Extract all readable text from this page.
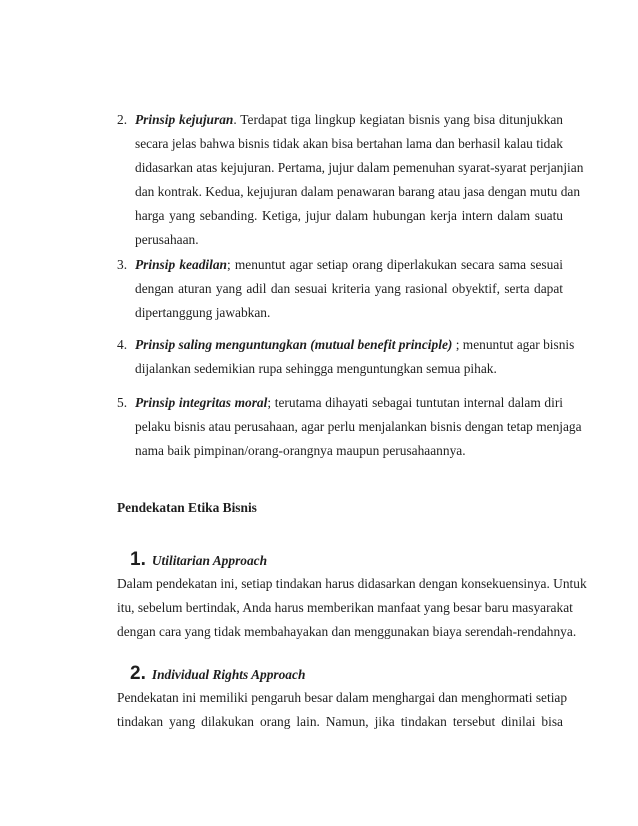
2. Prinsip kejujuran. Terdapat tiga lingkup kegiatan bisnis yang bisa ditunjukkan
secara jelas bahwa bisnis tidak akan bisa bertahan lama dan berhasil kalau tidak
didasarkan atas kejujuran. Pertama, jujur dalam pemenuhan syarat-syarat perjanjian
dan kontrak. Kedua, kejujuran dalam penawaran barang atau jasa dengan mutu dan
harga yang sebanding. Ketiga, jujur dalam hubungan kerja intern dalam suatu
perusahaan.
3. Prinsip keadilan; menuntut agar setiap orang diperlakukan secara sama sesuai
dengan aturan yang adil dan sesuai kriteria yang rasional obyektif, serta dapat
dipertanggung jawabkan.
4. Prinsip saling menguntungkan (mutual benefit principle) ; menuntut agar bisnis
dijalankan sedemikian rupa sehingga menguntungkan semua pihak.
5. Prinsip integritas moral; terutama dihayati sebagai tuntutan internal dalam diri
pelaku bisnis atau perusahaan, agar perlu menjalankan bisnis dengan tetap menjaga
nama baik pimpinan/orang-orangnya maupun perusahaannya.
Pendekatan Etika Bisnis
1. Utilitarian Approach
Dalam pendekatan ini, setiap tindakan harus didasarkan dengan konsekuensinya. Untuk
itu, sebelum bertindak, Anda harus memberikan manfaat yang besar baru masyarakat
dengan cara yang tidak membahayakan dan menggunakan biaya serendah-rendahnya.
2. Individual Rights Approach
Pendekatan ini memiliki pengaruh besar dalam menghargai dan menghormati setiap
tindakan yang dilakukan orang lain. Namun, jika tindakan tersebut dinilai bisa
